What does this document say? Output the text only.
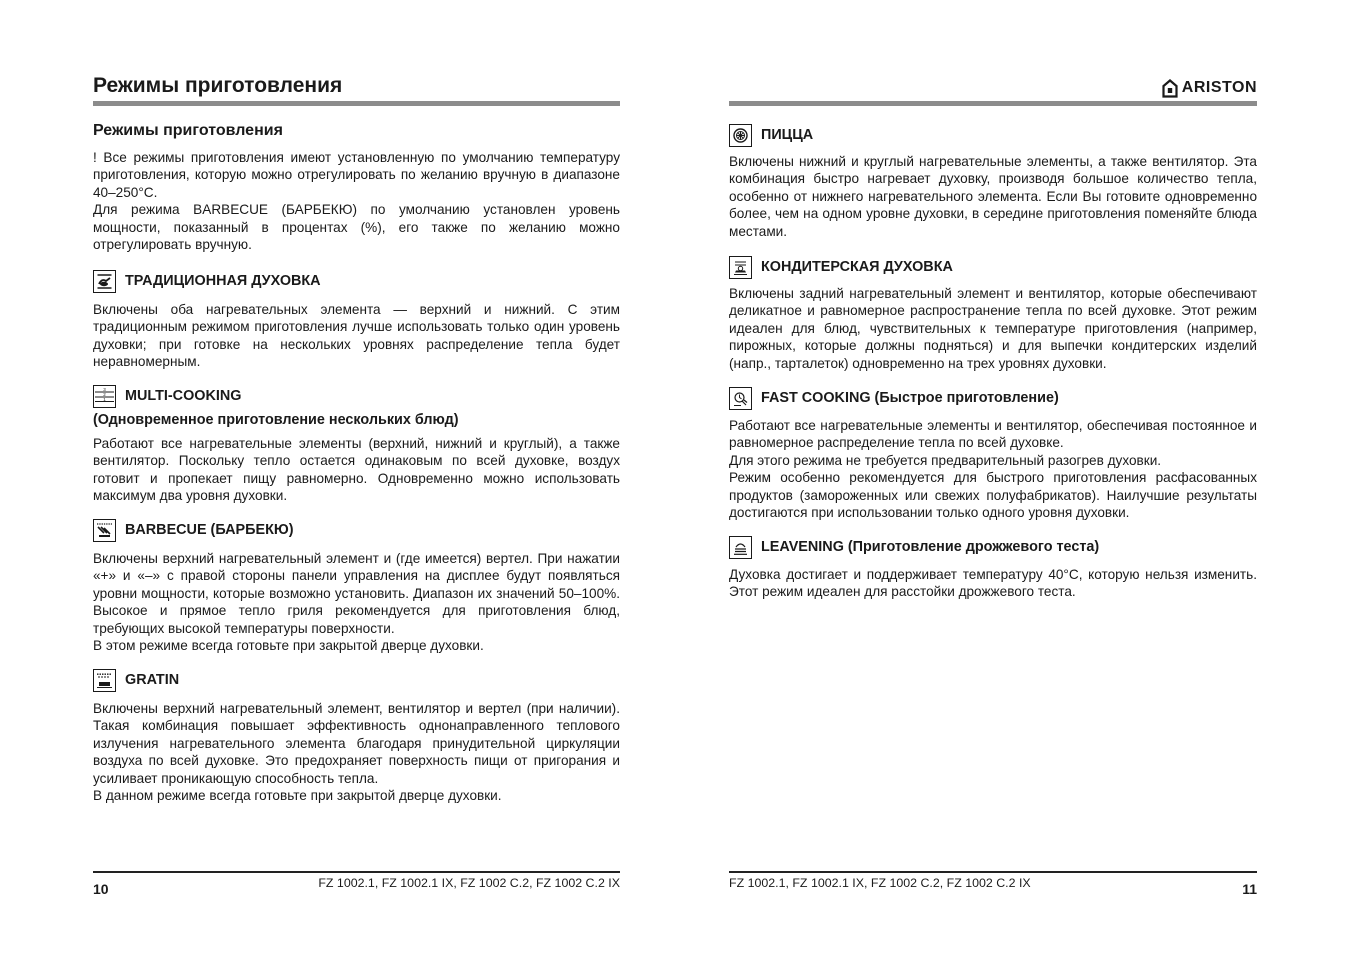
Режимы приготовления
Режимы приготовления

! Все режимы приготовления имеют установленную по умолчанию температуру приготовления, которую можно отрегулировать по желанию вручную в диапазоне 40–250°C.

Для режима BARBECUE (БАРБЕКЮ) по умолчанию установлен уровень мощности, показанный в процентах (%), его также по желанию можно отрегулировать вручную.

ТРАДИЦИОННАЯ ДУХОВКА

Включены оба нагревательных элемента — верхний и нижний. С этим традиционным режимом приготовления лучше использовать только один уровень духовки; при готовке на нескольких уровнях распределение тепла будет неравномерным.

3
2
1 MULTI-COOKING
(Одновременное приготовление нескольких блюд)

Работают все нагревательные элементы (верхний, нижний и круглый), а также вентилятор. Поскольку тепло остается одинаковым по всей духовке, воздух готовит и пропекает пищу равномерно. Одновременно можно использовать максимум два уровня духовки.

BARBECUE (БАРБЕКЮ)

Включены верхний нагревательный элемент и (где имеется) вертел. При нажатии «+» и «–» с правой стороны панели управления на дисплее будут появляться уровни мощности, которые возможно установить. Диапазон их значений 50–100%. Высокое и прямое тепло гриля рекомендуется для приготовления блюд, требующих высокой температуры поверхности.

В этом режиме всегда готовьте при закрытой дверце духовки.

GRATIN

Включены верхний нагревательный элемент, вентилятор и вертел (при наличии). Такая комбинация повышает эффективность однонаправленного теплового излучения нагревательного элемента благодаря принудительной циркуляции воздуха по всей духовке. Это предохраняет поверхность пищи от пригорания и усиливает проникающую способность тепла.

В данном режиме всегда готовьте при закрытой дверце духовки.

10	FZ 1002.1, FZ 1002.1 IX, FZ 1002 C.2, FZ 1002 C.2 IX
ARISTON
ПИЦЦА

Включены нижний и круглый нагревательные элементы, а также вентилятор. Эта комбинация быстро нагревает духовку, производя большое количество тепла, особенно от нижнего нагревательного элемента. Если Вы готовите одновременно более, чем на одном уровне духовки, в середине приготовления поменяйте блюда местами.

КОНДИТЕРСКАЯ ДУХОВКА

Включены задний нагревательный элемент и вентилятор, которые обеспечивают деликатное и равномерное распространение тепла по всей духовке. Этот режим идеален для блюд, чувствительных к температуре приготовления (например, пирожных, которые должны подняться) и для выпечки кондитерских изделий (напр., тарталеток) одновременно на трех уровнях духовки.

FAST COOKING (Быстрое приготовление)

Работают все нагревательные элементы и вентилятор, обеспечивая постоянное и равномерное распределение тепла по всей духовке.

Для этого режима не требуется предварительный разогрев духовки.

Режим особенно рекомендуется для быстрого приготовления расфасованных продуктов (замороженных или свежих полуфабрикатов). Наилучшие результаты достигаются при использовании только одного уровня духовки.

LEAVENING (Приготовление дрожжевого теста)

Духовка достигает и поддерживает температуру 40°C, которую нельзя изменить. Этот режим идеален для расстойки дрожжевого теста.

FZ 1002.1, FZ 1002.1 IX, FZ 1002 C.2, FZ 1002 C.2 IX	11
